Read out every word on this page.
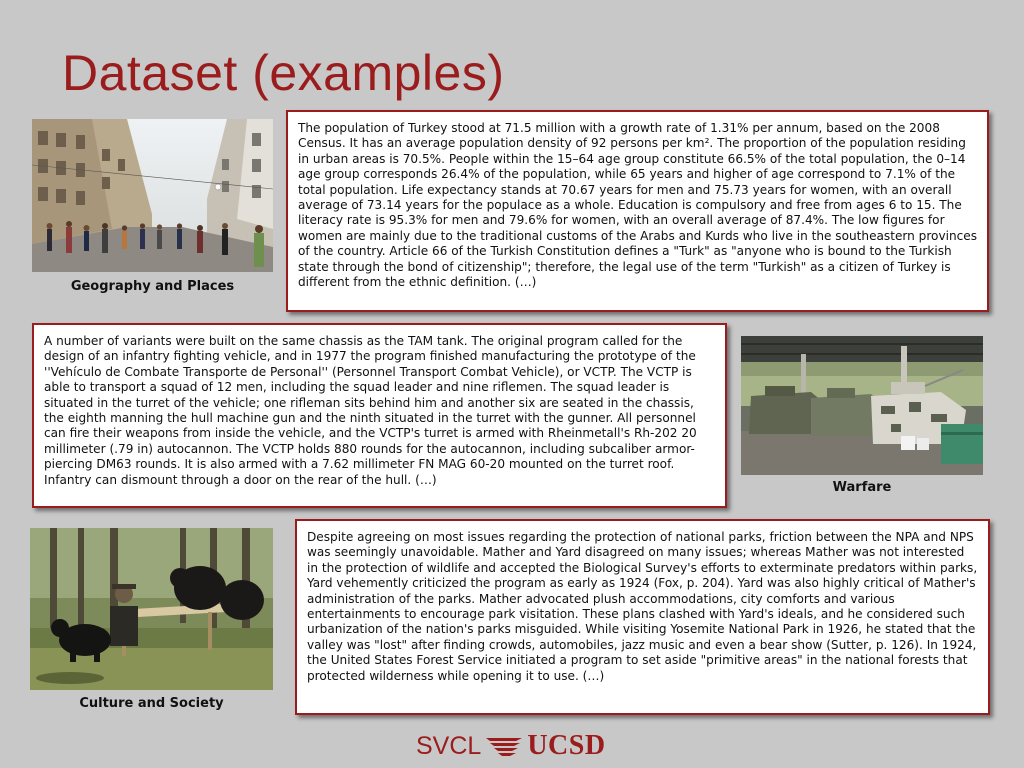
Dataset (examples)
Geography and Places
The population of Turkey stood at 71.5 million with a growth rate of 1.31% per annum, based on the 2008 Census. It has an average population density of 92 persons per km². The proportion of the population residing in urban areas is 70.5%. People within the 15–64 age group constitute 66.5% of the total population, the 0–14 age group corresponds 26.4% of the population, while 65 years and higher of age correspond to 7.1% of the total population. Life expectancy stands at 70.67 years for men and 75.73 years for women, with an overall average of 73.14 years for the populace as a whole. Education is compulsory and free from ages 6 to 15. The literacy rate is 95.3% for men and 79.6% for women, with an overall average of 87.4%. The low figures for women are mainly due to the traditional customs of the Arabs and Kurds who live in the southeastern provinces of the country. Article 66 of the Turkish Constitution defines a "Turk" as "anyone who is bound to the Turkish state through the bond of citizenship"; therefore, the legal use of the term "Turkish" as a citizen of Turkey is different from the ethnic definition. (…)
A number of variants were built on the same chassis as the TAM tank. The original program called for the design of an infantry fighting vehicle, and in 1977 the program finished manufacturing the prototype of the ''Vehículo de Combate Transporte de Personal'' (Personnel Transport Combat Vehicle), or VCTP. The VCTP is able to transport a squad of 12 men, including the squad leader and nine riflemen. The squad leader is situated in the turret of the vehicle; one rifleman sits behind him and another six are seated in the chassis, the eighth manning the hull machine gun and the ninth situated in the turret with the gunner. All personnel can fire their weapons from inside the vehicle, and the VCTP's turret is armed with Rheinmetall's Rh-202 20 millimeter (.79 in) autocannon. The VCTP holds 880 rounds for the autocannon, including subcaliber armor-piercing DM63 rounds. It is also armed with a 7.62 millimeter FN MAG 60-20 mounted on the turret roof. Infantry can dismount through a door on the rear of the hull. (…)
Warfare
Culture and Society
Despite agreeing on most issues regarding the protection of national parks, friction between the NPA and NPS was seemingly unavoidable. Mather and Yard disagreed on many issues; whereas Mather was not interested in the protection of wildlife and accepted the Biological Survey's efforts to exterminate predators within parks, Yard vehemently criticized the program as early as 1924 (Fox, p. 204). Yard was also highly critical of Mather's administration of the parks. Mather advocated plush accommodations, city comforts and various entertainments to encourage park visitation. These plans clashed with Yard's ideals, and he considered such urbanization of the nation's parks misguided. While visiting Yosemite National Park in 1926, he stated that the valley was "lost" after finding crowds, automobiles, jazz music and even a bear show (Sutter, p. 126). In 1924, the United States Forest Service initiated a program to set aside "primitive areas" in the national forests that protected wilderness while opening it to use. (…)
SVCL UCSD
